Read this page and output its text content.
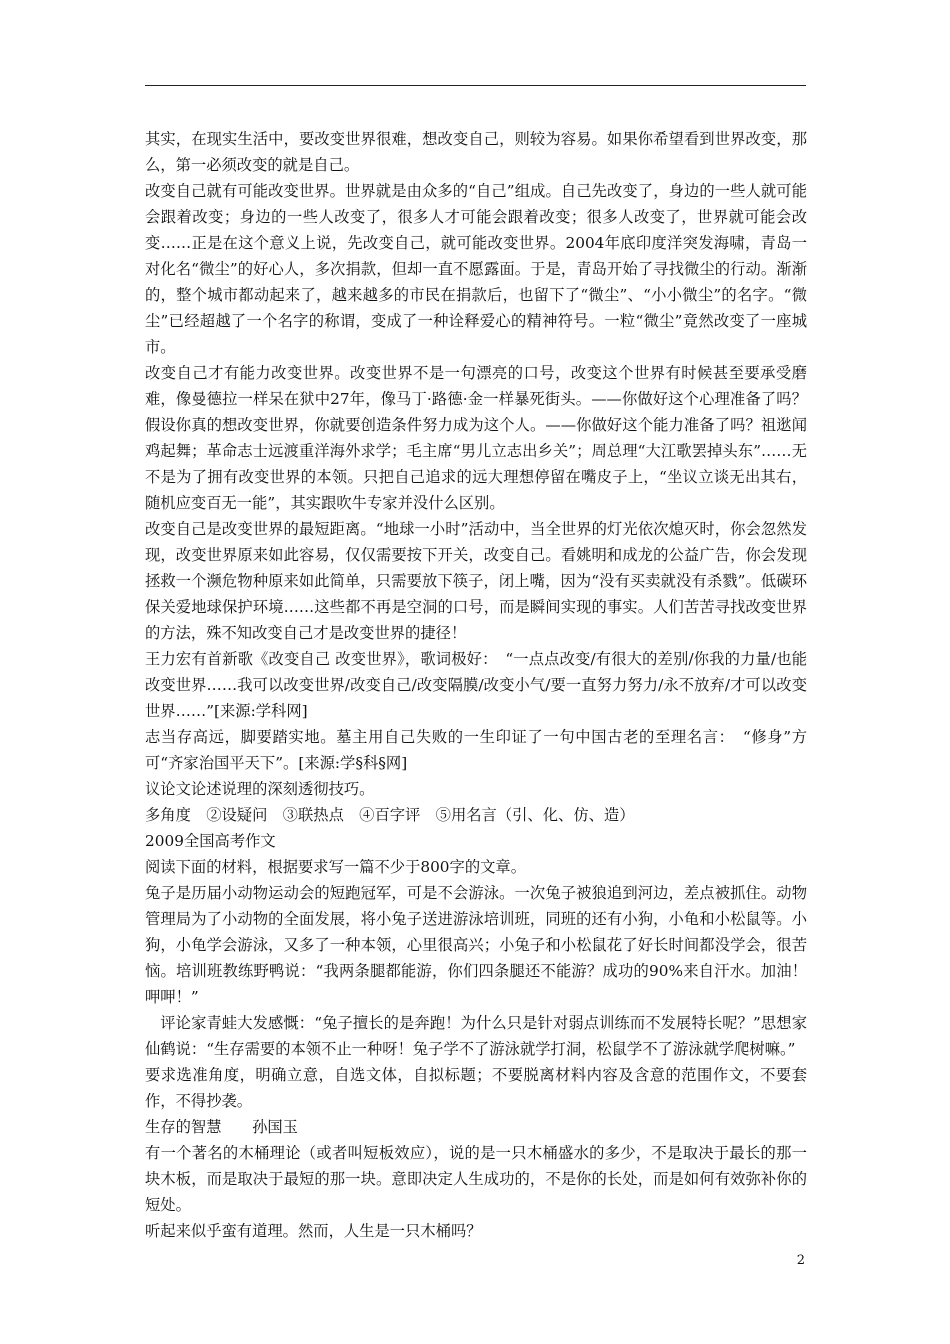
其实，在现实生活中，要改变世界很难，想改变自己，则较为容易。如果你希望看到世界改变，那么，第一必须改变的就是自己。

改变自己就有可能改变世界。世界就是由众多的“自己”组成。自己先改变了，身边的一些人就可能会跟着改变；身边的一些人改变了，很多人才可能会跟着改变；很多人改变了，世界就可能会改变……正是在这个意义上说，先改变自己，就可能改变世界。2004年底印度洋突发海啸，青岛一对化名“微尘”的好心人，多次捐款，但却一直不愿露面。于是，青岛开始了寻找微尘的行动。渐渐的，整个城市都动起来了，越来越多的市民在捐款后，也留下了“微尘”、“小小微尘”的名字。“微尘”已经超越了一个名字的称谓，变成了一种诠释爱心的精神符号。一粒“微尘”竟然改变了一座城市。

改变自己才有能力改变世界。改变世界不是一句漂亮的口号，改变这个世界有时候甚至要承受磨难，像曼德拉一样呆在狱中27年，像马丁·路德·金一样暴死街头。——你做好这个心理准备了吗？假设你真的想改变世界，你就要创造条件努力成为这个人。——你做好这个能力准备了吗？祖逖闻鸡起舞；革命志士远渡重洋海外求学；毛主席“男儿立志出乡关”；周总理“大江歌罢掉头东”……无不是为了拥有改变世界的本领。只把自己追求的远大理想停留在嘴皮子上，“坐议立谈无出其右，随机应变百无一能”，其实跟吹牛专家并没什么区别。

改变自己是改变世界的最短距离。“地球一小时”活动中，当全世界的灯光依次熄灭时，你会忽然发现，改变世界原来如此容易，仅仅需要按下开关，改变自己。看姚明和成龙的公益广告，你会发现拯救一个濒危物种原来如此简单，只需要放下筷子，闭上嘴，因为“没有买卖就没有杀戮”。低碳环保关爱地球保护环境……这些都不再是空洞的口号，而是瞬间实现的事实。人们苦苦寻找改变世界的方法，殊不知改变自己才是改变世界的捷径！

王力宏有首新歌《改变自己 改变世界》，歌词极好：　“一点点改变/有很大的差别/你我的力量/也能改变世界……我可以改变世界/改变自己/改变隔膜/改变小气/要一直努力努力/永不放弃/才可以改变世界……”[来源:学科网]

志当存高远，脚要踏实地。墓主用自己失败的一生印证了一句中国古老的至理名言：　“修身”方可“齐家治国平天下”。[来源:学§科§网]

议论文论述说理的深刻透彻技巧。

多角度　②设疑问　③联热点　④百字评　⑤用名言（引、化、仿、造）

2009全国高考作文

阅读下面的材料，根据要求写一篇不少于800字的文章。

兔子是历届小动物运动会的短跑冠军，可是不会游泳。一次兔子被狼追到河边，差点被抓住。动物管理局为了小动物的全面发展，将小兔子送进游泳培训班，同班的还有小狗，小龟和小松鼠等。小狗，小龟学会游泳，又多了一种本领，心里很高兴；小兔子和小松鼠花了好长时间都没学会，很苦恼。培训班教练野鸭说：“我两条腿都能游，你们四条腿还不能游？成功的90%来自汗水。加油！呷呷！”

评论家青蛙大发感慨：“兔子擅长的是奔跑！为什么只是针对弱点训练而不发展特长呢？”思想家仙鹤说：“生存需要的本领不止一种呀！兔子学不了游泳就学打洞，松鼠学不了游泳就学爬树嘛。”

要求选准角度，明确立意，自选文体，自拟标题；不要脱离材料内容及含意的范围作文，不要套作，不得抄袭。

生存的智慧　　孙国玉

有一个著名的木桶理论（或者叫短板效应），说的是一只木桶盛水的多少，不是取决于最长的那一块木板，而是取决于最短的那一块。意即决定人生成功的，不是你的长处，而是如何有效弥补你的短处。

听起来似乎蛮有道理。然而，人生是一只木桶吗？

2
